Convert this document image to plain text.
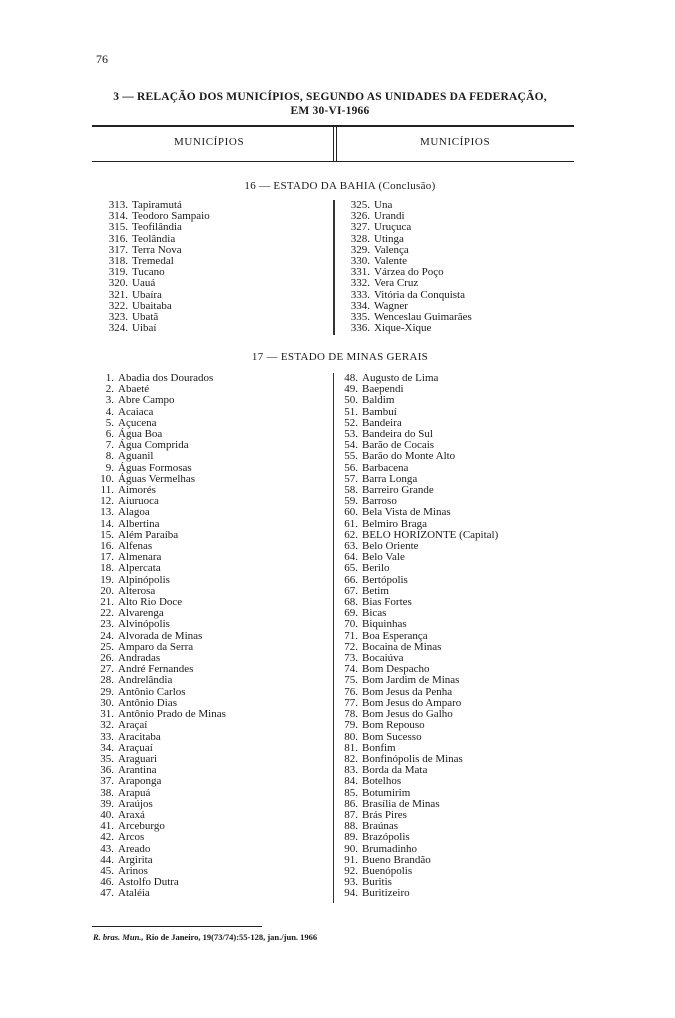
76
3 — RELAÇÃO DOS MUNICÍPIOS, SEGUNDO AS UNIDADES DA FEDERAÇÃO,
EM 30-VI-1966
MUNICÍPIOS	MUNICÍPIOS
16 — ESTADO DA BAHIA (Conclusão)
313. Tapiramutá
314. Teodoro Sampaio
315. Teofilândia
316. Teolândia
317. Terra Nova
318. Tremedal
319. Tucano
320. Uauá
321. Ubaíra
322. Ubaitaba
323. Ubatã
324. Uibaí
325. Una
326. Urandi
327. Uruçuca
328. Utinga
329. Valença
330. Valente
331. Várzea do Poço
332. Vera Cruz
333. Vitória da Conquista
334. Wagner
335. Wenceslau Guimarães
336. Xique-Xique
17 — ESTADO DE MINAS GERAIS
1. Abadia dos Dourados
2. Abaeté
3. Abre Campo
4. Acaiaca
5. Açucena
6. Água Boa
7. Água Comprida
8. Aguanil
9. Águas Formosas
10. Águas Vermelhas
11. Aimorés
12. Aiuruoca
13. Alagoa
14. Albertina
15. Além Paraíba
16. Alfenas
17. Almenara
18. Alpercata
19. Alpinópolis
20. Alterosa
21. Alto Rio Doce
22. Alvarenga
23. Alvinópolis
24. Alvorada de Minas
25. Amparo da Serra
26. Andradas
27. André Fernandes
28. Andrelândia
29. Antônio Carlos
30. Antônio Dias
31. Antônio Prado de Minas
32. Araçaí
33. Aracitaba
34. Araçuaí
35. Araguari
36. Arantina
37. Araponga
38. Arapuá
39. Araújos
40. Araxá
41. Arceburgo
42. Arcos
43. Areado
44. Argirita
45. Arinos
46. Astolfo Dutra
47. Ataléia
48. Augusto de Lima
49. Baependi
50. Baldim
51. Bambuí
52. Bandeira
53. Bandeira do Sul
54. Barão de Cocais
55. Barão do Monte Alto
56. Barbacena
57. Barra Longa
58. Barreiro Grande
59. Barroso
60. Bela Vista de Minas
61. Belmiro Braga
62. BELO HORIZONTE (Capital)
63. Belo Oriente
64. Belo Vale
65. Berilo
66. Bertópolis
67. Betim
68. Bias Fortes
69. Bicas
70. Biquinhas
71. Boa Esperança
72. Bocaina de Minas
73. Bocaiúva
74. Bom Despacho
75. Bom Jardim de Minas
76. Bom Jesus da Penha
77. Bom Jesus do Amparo
78. Bom Jesus do Galho
79. Bom Repouso
80. Bom Sucesso
81. Bonfim
82. Bonfinópolis de Minas
83. Borda da Mata
84. Botelhos
85. Botumirim
86. Brasília de Minas
87. Brás Pires
88. Braúnas
89. Brazópolis
90. Brumadinho
91. Bueno Brandão
92. Buenópolis
93. Buritis
94. Buritizeiro
R. bras. Mun., Rio de Janeiro, 19(73/74):55-128, jan./jun. 1966
